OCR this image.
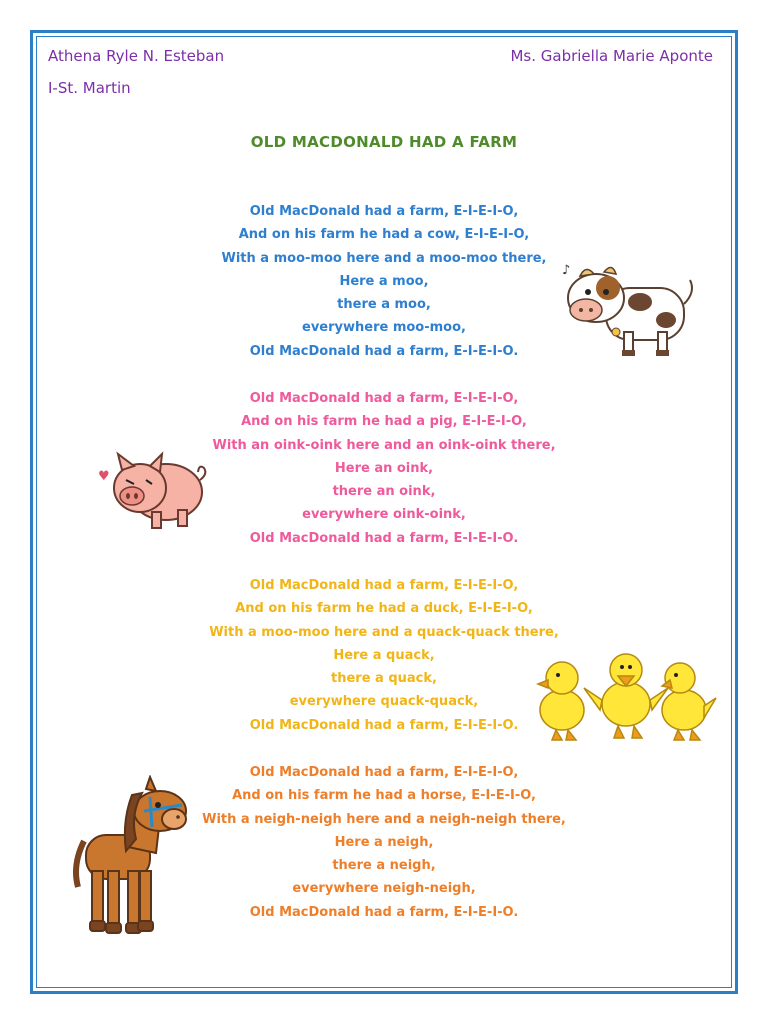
Athena Ryle N. Esteban
I-St. Martin
Ms. Gabriella Marie Aponte
OLD MACDONALD HAD A FARM
Old MacDonald had a farm, E-I-E-I-O,
And on his farm he had a cow, E-I-E-I-O,
With a moo-moo here and a moo-moo there,
Here a moo,
there a moo,
everywhere moo-moo,
Old MacDonald had a farm, E-I-E-I-O.
Old MacDonald had a farm, E-I-E-I-O,
And on his farm he had a pig, E-I-E-I-O,
With an oink-oink here and an oink-oink there,
Here an oink,
there an oink,
everywhere oink-oink,
Old MacDonald had a farm, E-I-E-I-O.
Old MacDonald had a farm, E-I-E-I-O,
And on his farm he had a duck, E-I-E-I-O,
With a moo-moo here and a quack-quack there,
Here a quack,
there a quack,
everywhere quack-quack,
Old MacDonald had a farm, E-I-E-I-O.
Old MacDonald had a farm, E-I-E-I-O,
And on his farm he had a horse, E-I-E-I-O,
With a neigh-neigh here and a neigh-neigh there,
Here a neigh,
there a neigh,
everywhere neigh-neigh,
Old MacDonald had a farm, E-I-E-I-O.
♪
♥
